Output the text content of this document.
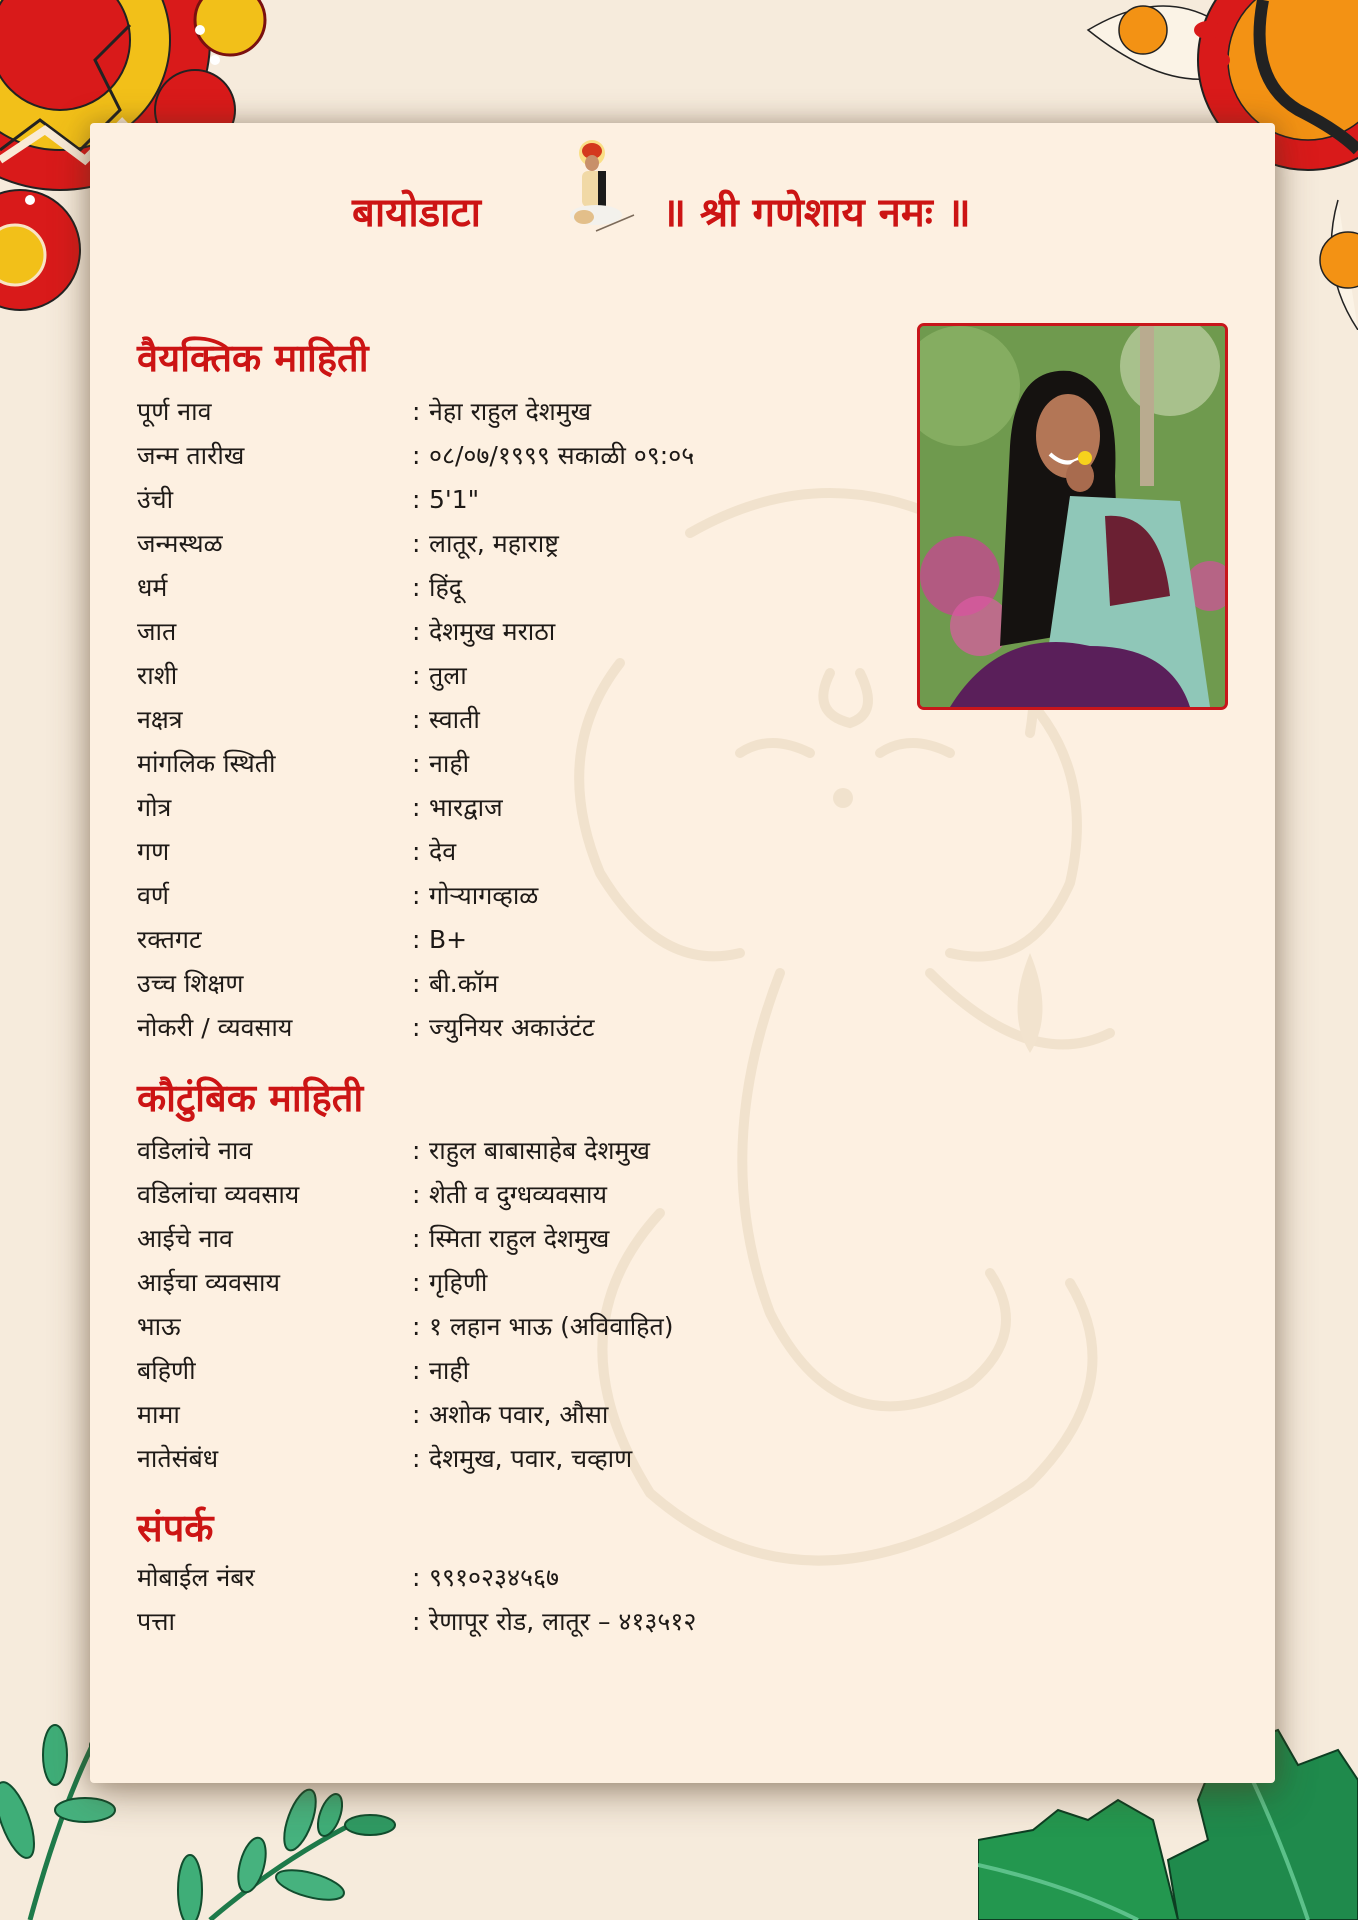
बायोडाटा	॥ श्री गणेशाय नमः ॥
वैयक्तिक माहिती
पूर्ण नाव	: नेहा राहुल देशमुख
जन्म तारीख	: ०८/०७/१९९९ सकाळी ०९:०५
उंची	: 5'1"
जन्मस्थळ	: लातूर, महाराष्ट्र
धर्म	: हिंदू
जात	: देशमुख मराठा
राशी	: तुला
नक्षत्र	: स्वाती
मांगलिक स्थिती	: नाही
गोत्र	: भारद्वाज
गण	: देव
वर्ण	: गोऱ्यागव्हाळ
रक्तगट	: B+
उच्च शिक्षण	: बी.कॉम
नोकरी / व्यवसाय	: ज्युनियर अकाउंटंट
कौटुंबिक माहिती
वडिलांचे नाव	: राहुल बाबासाहेब देशमुख
वडिलांचा व्यवसाय	: शेती व दुग्धव्यवसाय
आईचे नाव	: स्मिता राहुल देशमुख
आईचा व्यवसाय	: गृहिणी
भाऊ	: १ लहान भाऊ (अविवाहित)
बहिणी	: नाही
मामा	: अशोक पवार, औसा
नातेसंबंध	: देशमुख, पवार, चव्हाण
संपर्क
मोबाईल नंबर	: ९९१०२३४५६७
पत्ता	: रेणापूर रोड, लातूर – ४१३५१२
